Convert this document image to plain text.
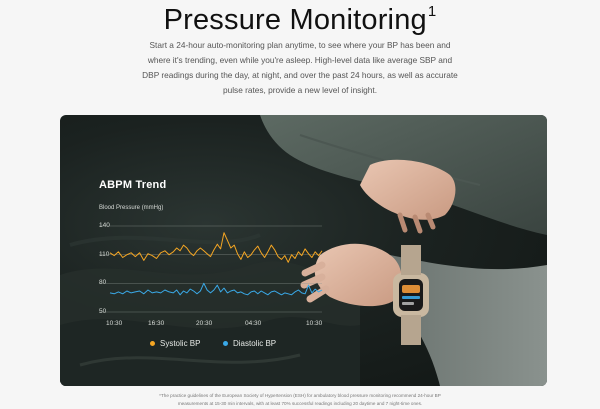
Pressure Monitoring$^1$

Start a 24-hour auto-monitoring plan anytime, to see where your BP has been and where it's trending, even while you're asleep. High-level data like average SBP and DBP readings during the day, at night, and over the past 24 hours, as well as accurate pulse rates, provide a new level of insight.

ABPM Trend
Blood Pressure (mmHg)
140
110
80
50
10:30	16:30	20:30	04:30	10:30
Systolic BP	Diastolic BP

*The practice guidelines of the European Society of Hypertension (ESH) for ambulatory blood pressure monitoring recommend 24-hour BP measurements at 15-30 min intervals, with at least 70% successful readings including 20 daytime and 7 night-time ones.
